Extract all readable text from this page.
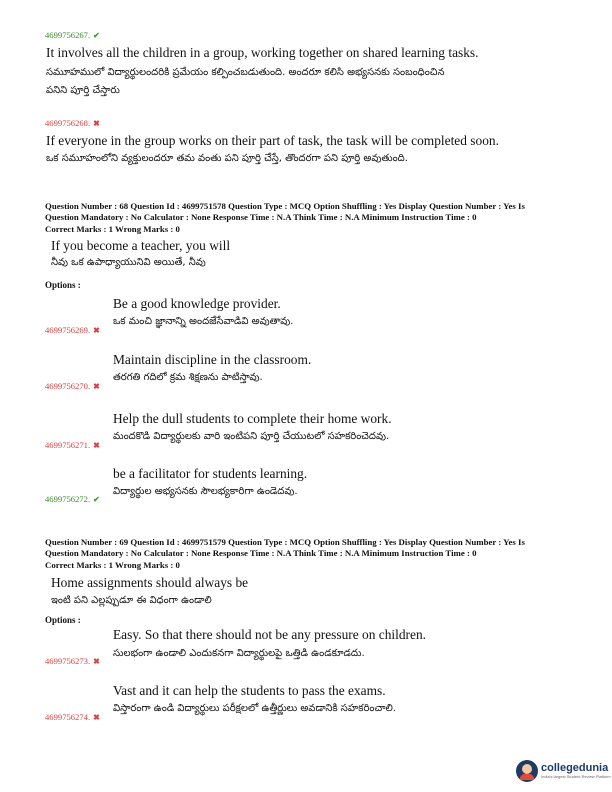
4699756267. ✔
It involves all the children in a group, working together on shared learning tasks.
సమూహములో విద్యార్థులందరికి ప్రమేయం కల్పించబడుతుంది. అందరూ కలిసి అభ్యసనకు సంబంధించిన
పనిని పూర్తి చేస్తారు
4699756268. ✖
If everyone in the group works on their part of task, the task will be completed soon.
ఒక సమూహంలోని వ్యక్తులందరూ తమ వంతు పని పూర్తి చేస్తే, తొందరగా పని పూర్తి అవుతుంది.
Question Number : 68 Question Id : 4699751578 Question Type : MCQ Option Shuffling : Yes Display Question Number : Yes Is
Question Mandatory : No Calculator : None Response Time : N.A Think Time : N.A Minimum Instruction Time : 0
Correct Marks : 1 Wrong Marks : 0
If you become a teacher, you will
నీవు ఒక ఉపాధ్యాయునివి అయితే, నీవు
Options :
Be a good knowledge provider.
4699756269. ✖
ఒక మంచి జ్ఞానాన్ని అందజేసేవాడివి అవుతావు.
Maintain discipline in the classroom.
4699756270. ✖
తరగతి గదిలో క్రమ శిక్షణను పాటిస్తావు.
Help the dull students to complete their home work.
4699756271. ✖
మందకొడి విద్యార్థులకు వారి ఇంటిపని పూర్తి చేయుటలో సహకరించెదవు.
be a facilitator for students learning.
4699756272. ✔
విద్యార్థుల అభ్యసనకు సౌలభ్యకారిగా ఉండెదవు.
Question Number : 69 Question Id : 4699751579 Question Type : MCQ Option Shuffling : Yes Display Question Number : Yes Is
Question Mandatory : No Calculator : None Response Time : N.A Think Time : N.A Minimum Instruction Time : 0
Correct Marks : 1 Wrong Marks : 0
Home assignments should always be
ఇంటి పని ఎల్లప్పుడూ ఈ విధంగా ఉండాలి
Options :
Easy. So that there should not be any pressure on children.
4699756273. ✖
సులభంగా ఉండాలి ఎందుకనగా విద్యార్థులపై ఒత్తిడి ఉండకూడదు.
Vast and it can help the students to pass the exams.
4699756274. ✖
విస్తారంగా ఉండి విద్యార్థులు పరీక్షలలో ఉత్తీర్ణులు అవడానికి సహకరించాలి.
collegedunia
India's largest Student Review Platform
